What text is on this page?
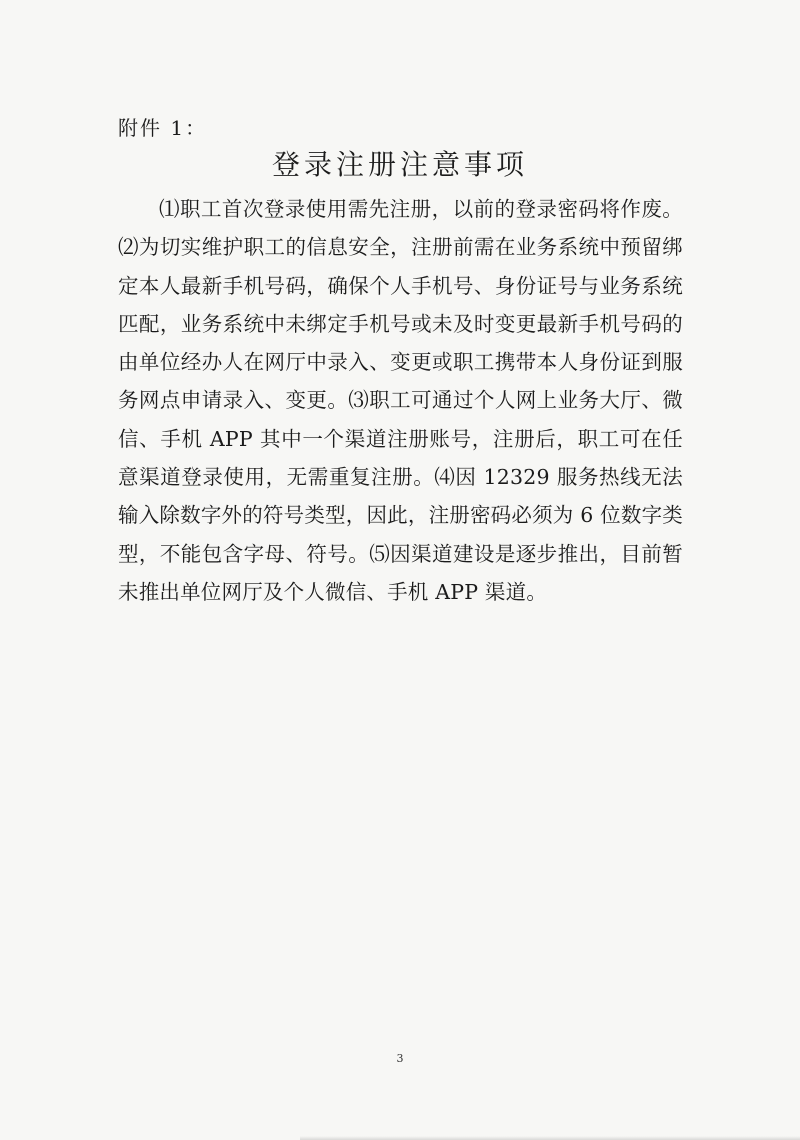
附件 1：
登录注册注意事项

⑴职工首次登录使用需先注册，以前的登录密码将作废。⑵为切实维护职工的信息安全，注册前需在业务系统中预留绑定本人最新手机号码，确保个人手机号、身份证号与业务系统匹配，业务系统中未绑定手机号或未及时变更最新手机号码的由单位经办人在网厅中录入、变更或职工携带本人身份证到服务网点申请录入、变更。⑶职工可通过个人网上业务大厅、微信、手机 APP 其中一个渠道注册账号，注册后，职工可在任意渠道登录使用，无需重复注册。⑷因 12329 服务热线无法输入除数字外的符号类型，因此，注册密码必须为 6 位数字类型，不能包含字母、符号。⑸因渠道建设是逐步推出，目前暂未推出单位网厅及个人微信、手机 APP 渠道。

3
